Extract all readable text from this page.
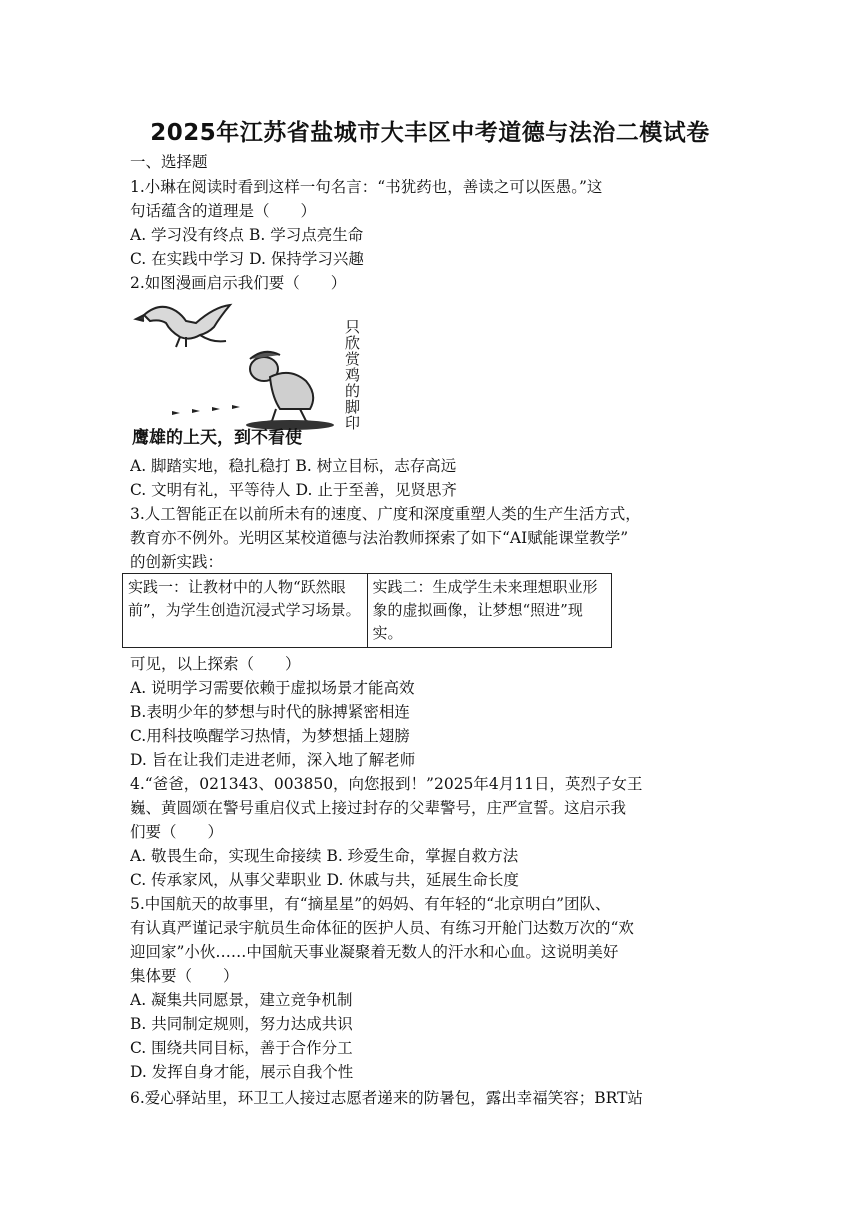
2025年江苏省盐城市大丰区中考道德与法治二模试卷
一、选择题
1.小琳在阅读时看到这样一句名言：“书犹药也，善读之可以医愚。”这
句话蕴含的道理是（　　）
A. 学习没有终点 B. 学习点亮生命
C. 在实践中学习 D. 保持学习兴趣
2.如图漫画启示我们要（　　）
只欣赏鸡的脚印
鹰雄的上天，到不看使
A. 脚踏实地，稳扎稳打 B. 树立目标，志存高远
C. 文明有礼，平等待人 D. 止于至善，见贤思齐
3.人工智能正在以前所未有的速度、广度和深度重塑人类的生产生活方式，
教育亦不例外。光明区某校道德与法治教师探索了如下“AI赋能课堂教学”
的创新实践：
实践一：让教材中的人物“跃然眼前”，为学生创造沉浸式学习场景。	实践二：生成学生未来理想职业形象的虚拟画像，让梦想“照进”现实。
可见，以上探索（　　）
A. 说明学习需要依赖于虚拟场景才能高效
B.表明少年的梦想与时代的脉搏紧密相连
C.用科技唤醒学习热情，为梦想插上翅膀
D. 旨在让我们走进老师，深入地了解老师
4.“爸爸，021343、003850，向您报到！”2025年4月11日，英烈子女王
巍、黄圆颂在警号重启仪式上接过封存的父辈警号，庄严宣誓。这启示我
们要（　　）
A. 敬畏生命，实现生命接续 B. 珍爱生命，掌握自救方法
C. 传承家风，从事父辈职业 D. 休戚与共，延展生命长度
5.中国航天的故事里，有“摘星星”的妈妈、有年轻的“北京明白”团队、
有认真严谨记录宇航员生命体征的医护人员、有练习开舱门达数万次的“欢
迎回家”小伙……中国航天事业凝聚着无数人的汗水和心血。这说明美好
集体要（　　）
A. 凝集共同愿景，建立竞争机制
B. 共同制定规则，努力达成共识
C. 围绕共同目标，善于合作分工
D. 发挥自身才能，展示自我个性
6.爱心驿站里，环卫工人接过志愿者递来的防暑包，露出幸福笑容；BRT站
